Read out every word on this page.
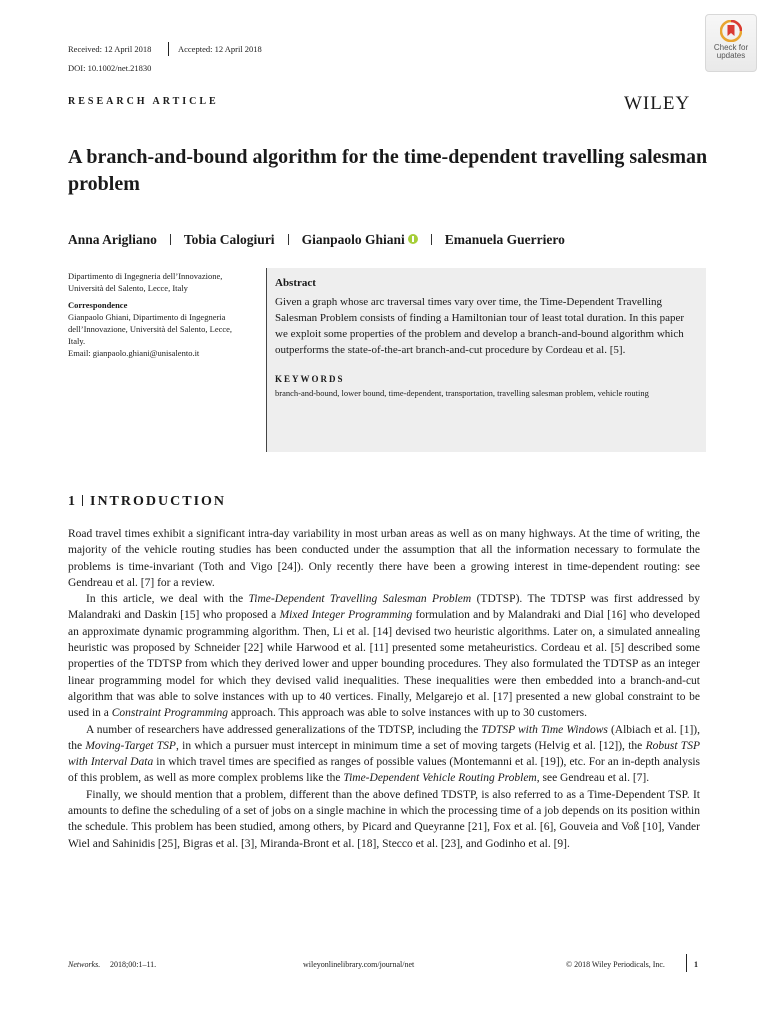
Received: 12 April 2018	Accepted: 12 April 2018
DOI: 10.1002/net.21830
Check for updates
RESEARCH ARTICLE	WILEY
A branch-and-bound algorithm for the time-dependent travelling salesman problem
Anna Arigliano Tobia Calogiuri Gianpaolo Ghiani	Emanuela Guerriero
Dipartimento di Ingegneria dell’Innovazione, Università del Salento, Lecce, Italy
Correspondence
Gianpaolo Ghiani, Dipartimento di Ingegneria dell’Innovazione, Università del Salento, Lecce, Italy.
Email: gianpaolo.ghiani@unisalento.it
Abstract
Given a graph whose arc traversal times vary over time, the Time-Dependent Travelling Salesman Problem consists of finding a Hamiltonian tour of least total duration. In this paper we exploit some properties of the problem and develop a branch-and-bound algorithm which outperforms the state-of-the-art branch-and-cut procedure by Cordeau et al. [5].
KEYWORDS
branch-and-bound, lower bound, time-dependent, transportation, travelling salesman problem, vehicle routing
1 INTRODUCTION

Road travel times exhibit a significant intra-day variability in most urban areas as well as on many highways. At the time of writing, the majority of the vehicle routing studies has been conducted under the assumption that all the information necessary to formulate the problems is time-invariant (Toth and Vigo [24]). Only recently there have been a growing interest in time-dependent routing: see Gendreau et al. [7] for a review.

In this article, we deal with the Time-Dependent Travelling Salesman Problem (TDTSP). The TDTSP was first addressed by Malandraki and Daskin [15] who proposed a Mixed Integer Programming formulation and by Malandraki and Dial [16] who developed an approximate dynamic programming algorithm. Then, Li et al. [14] devised two heuristic algorithms. Later on, a simulated annealing heuristic was proposed by Schneider [22] while Harwood et al. [11] presented some metaheuristics. Cordeau et al. [5] described some properties of the TDTSP from which they derived lower and upper bounding procedures. They also formulated the TDTSP as an integer linear programming model for which they devised valid inequalities. These inequalities were then embedded into a branch-and-cut algorithm that was able to solve instances with up to 40 vertices. Finally, Melgarejo et al. [17] presented a new global constraint to be used in a Constraint Programming approach. This approach was able to solve instances with up to 30 customers.

A number of researchers have addressed generalizations of the TDTSP, including the TDTSP with Time Windows (Albiach et al. [1]), the Moving-Target TSP, in which a pursuer must intercept in minimum time a set of moving targets (Helvig et al. [12]), the Robust TSP with Interval Data in which travel times are specified as ranges of possible values (Montemanni et al. [19]), etc. For an in-depth analysis of this problem, as well as more complex problems like the Time-Dependent Vehicle Routing Problem, see Gendreau et al. [7].

Finally, we should mention that a problem, different than the above defined TDSTP, is also referred to as a Time-Dependent TSP. It amounts to define the scheduling of a set of jobs on a single machine in which the processing time of a job depends on its position within the schedule. This problem has been studied, among others, by Picard and Queyranne [21], Fox et al. [6], Gouveia and Voß [10], Vander Wiel and Sahinidis [25], Bigras et al. [3], Miranda-Bront et al. [18], Stecco et al. [23], and Godinho et al. [9].

Networks. 2018;00:1–11.	wileyonlinelibrary.com/journal/net	© 2018 Wiley Periodicals, Inc.	1
